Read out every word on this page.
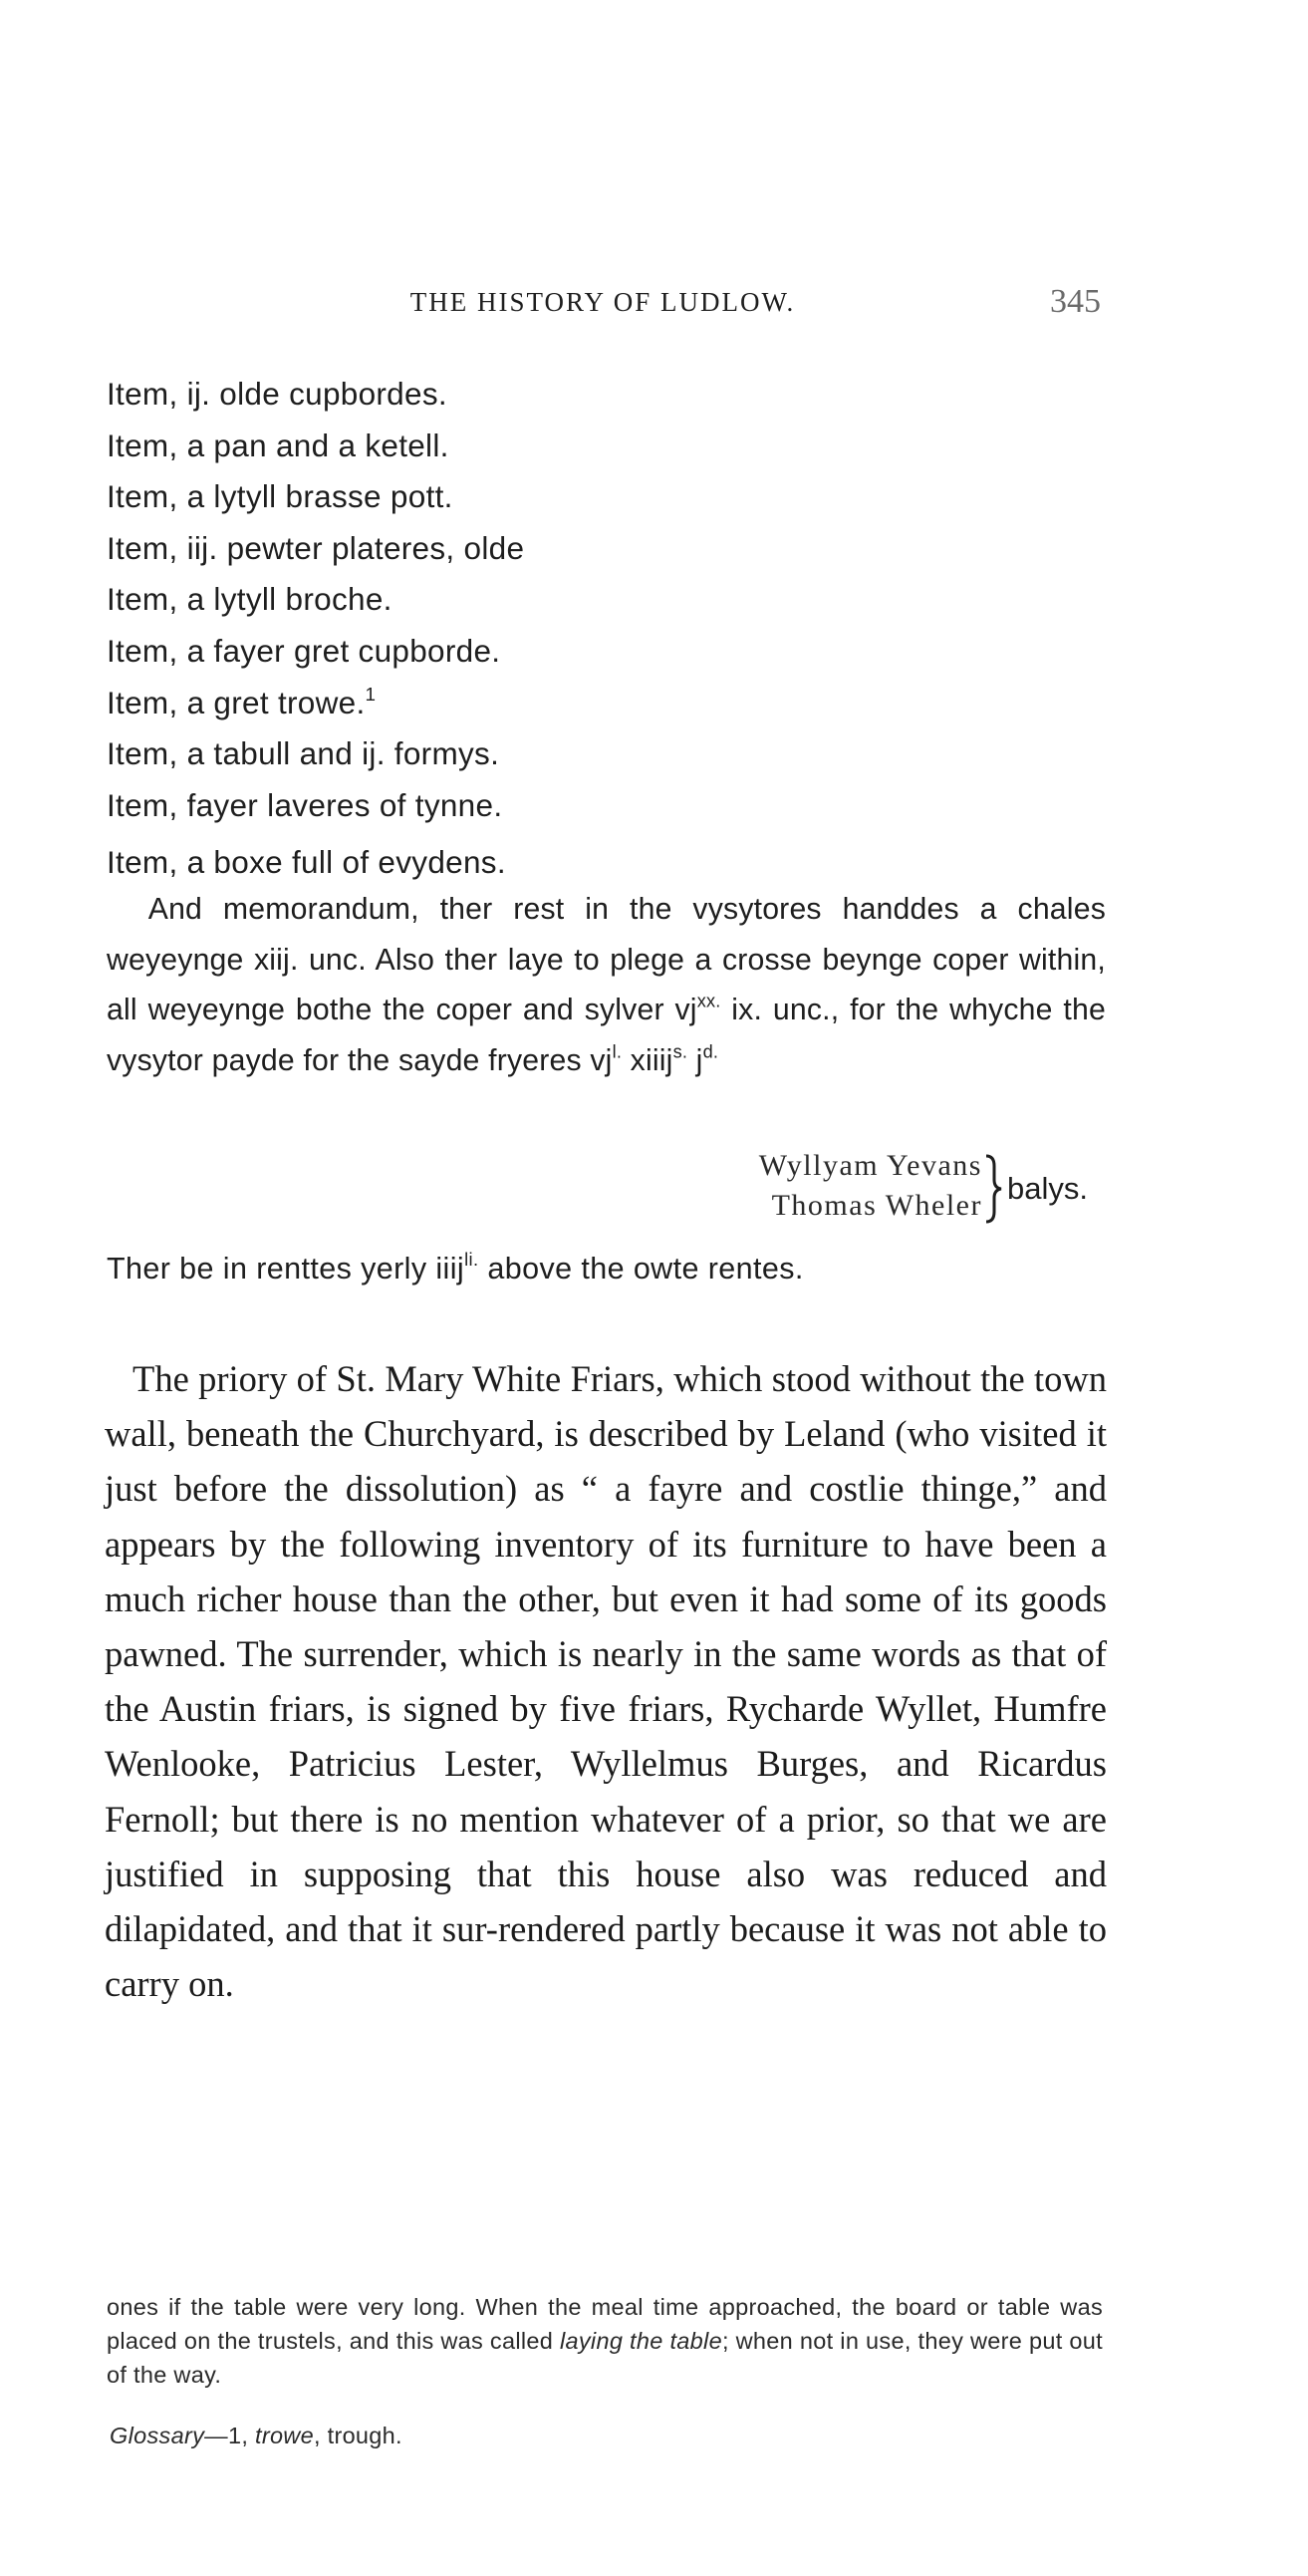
THE HISTORY OF LUDLOW.	345
Item, ij. olde cupbordes.
Item, a pan and a ketell.
Item, a lytyll brasse pott.
Item, iij. pewter plateres, olde
Item, a lytyll broche.
Item, a fayer gret cupborde.
Item, a gret trowe.$^1$
Item, a tabull and ij. formys.
Item, fayer laveres of tynne.
Item, a boxe full of evydens.

And memorandum, ther rest in the vysytores handdes a chales weyeynge xiij. unc. Also ther laye to plege a crosse beynge coper within, all weyeynge bothe the coper and sylver $vj^{xx.}$ ix. unc., for the whyche the vysytor payde for the sayde fryeres $vj^{l.}$ xiiij$^{s.}$ $j^{d.}$

Wyllyam Yevans
Thomas Wheler balys.
Ther be in renttes yerly iiij$^{li.}$ above the owte rentes.

The priory of St. Mary White Friars, which stood without the town wall, beneath the Churchyard, is described by Leland (who visited it just before the dissolution) as “ a fayre and costlie thinge,” and appears by the following inventory of its furniture to have been a much richer house than the other, but even it had some of its goods pawned. The surrender, which is nearly in the same words as that of the Austin friars, is signed by five friars, Rycharde Wyllet, Humfre Wenlooke, Patricius Lester, Wyllelmus Burges, and Ricardus Fernoll; but there is no mention whatever of a prior, so that we are justified in supposing that this house also was reduced and dilapidated, and that it sur-rendered partly because it was not able to carry on.

ones if the table were very long. When the meal time approached, the board or table was placed on the trustels, and this was called laying the table; when not in use, they were put out of the way.

Glossary—1, trowe, trough.
